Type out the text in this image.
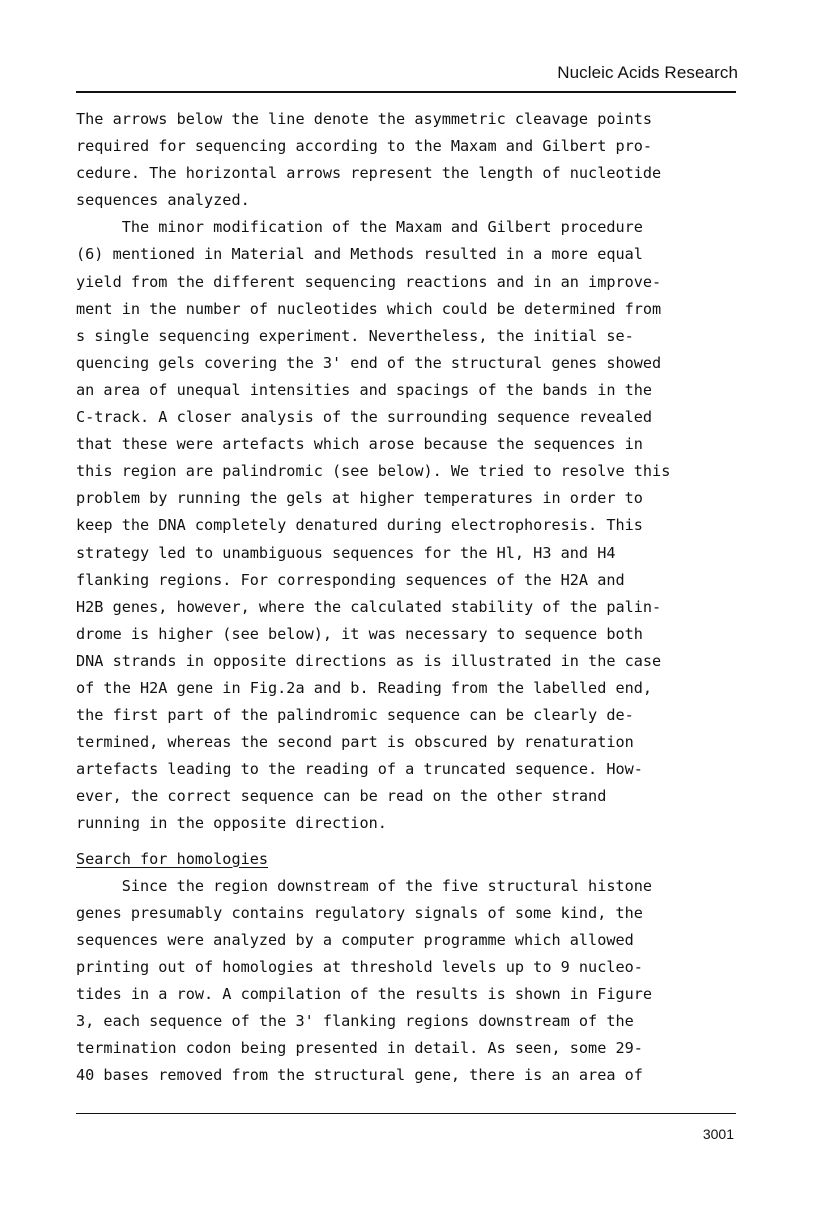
Nucleic Acids Research
The arrows below the line denote the asymmetric cleavage points
required for sequencing according to the Maxam and Gilbert pro-
cedure. The horizontal arrows represent the length of nucleotide
sequences analyzed.
The minor modification of the Maxam and Gilbert procedure
(6) mentioned in Material and Methods resulted in a more equal
yield from the different sequencing reactions and in an improve-
ment in the number of nucleotides which could be determined from
s single sequencing experiment. Nevertheless, the initial se-
quencing gels covering the 3' end of the structural genes showed
an area of unequal intensities and spacings of the bands in the
C-track. A closer analysis of the surrounding sequence revealed
that these were artefacts which arose because the sequences in
this region are palindromic (see below). We tried to resolve this
problem by running the gels at higher temperatures in order to
keep the DNA completely denatured during electrophoresis. This
strategy led to unambiguous sequences for the Hl, H3 and H4
flanking regions. For corresponding sequences of the H2A and
H2B genes, however, where the calculated stability of the palin-
drome is higher (see below), it was necessary to sequence both
DNA strands in opposite directions as is illustrated in the case
of the H2A gene in Fig.2a and b. Reading from the labelled end,
the first part of the palindromic sequence can be clearly de-
termined, whereas the second part is obscured by renaturation
artefacts leading to the reading of a truncated sequence. How-
ever, the correct sequence can be read on the other strand
running in the opposite direction.
Search for homologies
Since the region downstream of the five structural histone
genes presumably contains regulatory signals of some kind, the
sequences were analyzed by a computer programme which allowed
printing out of homologies at threshold levels up to 9 nucleo-
tides in a row. A compilation of the results is shown in Figure
3, each sequence of the 3' flanking regions downstream of the
termination codon being presented in detail. As seen, some 29-
40 bases removed from the structural gene, there is an area of
3001
